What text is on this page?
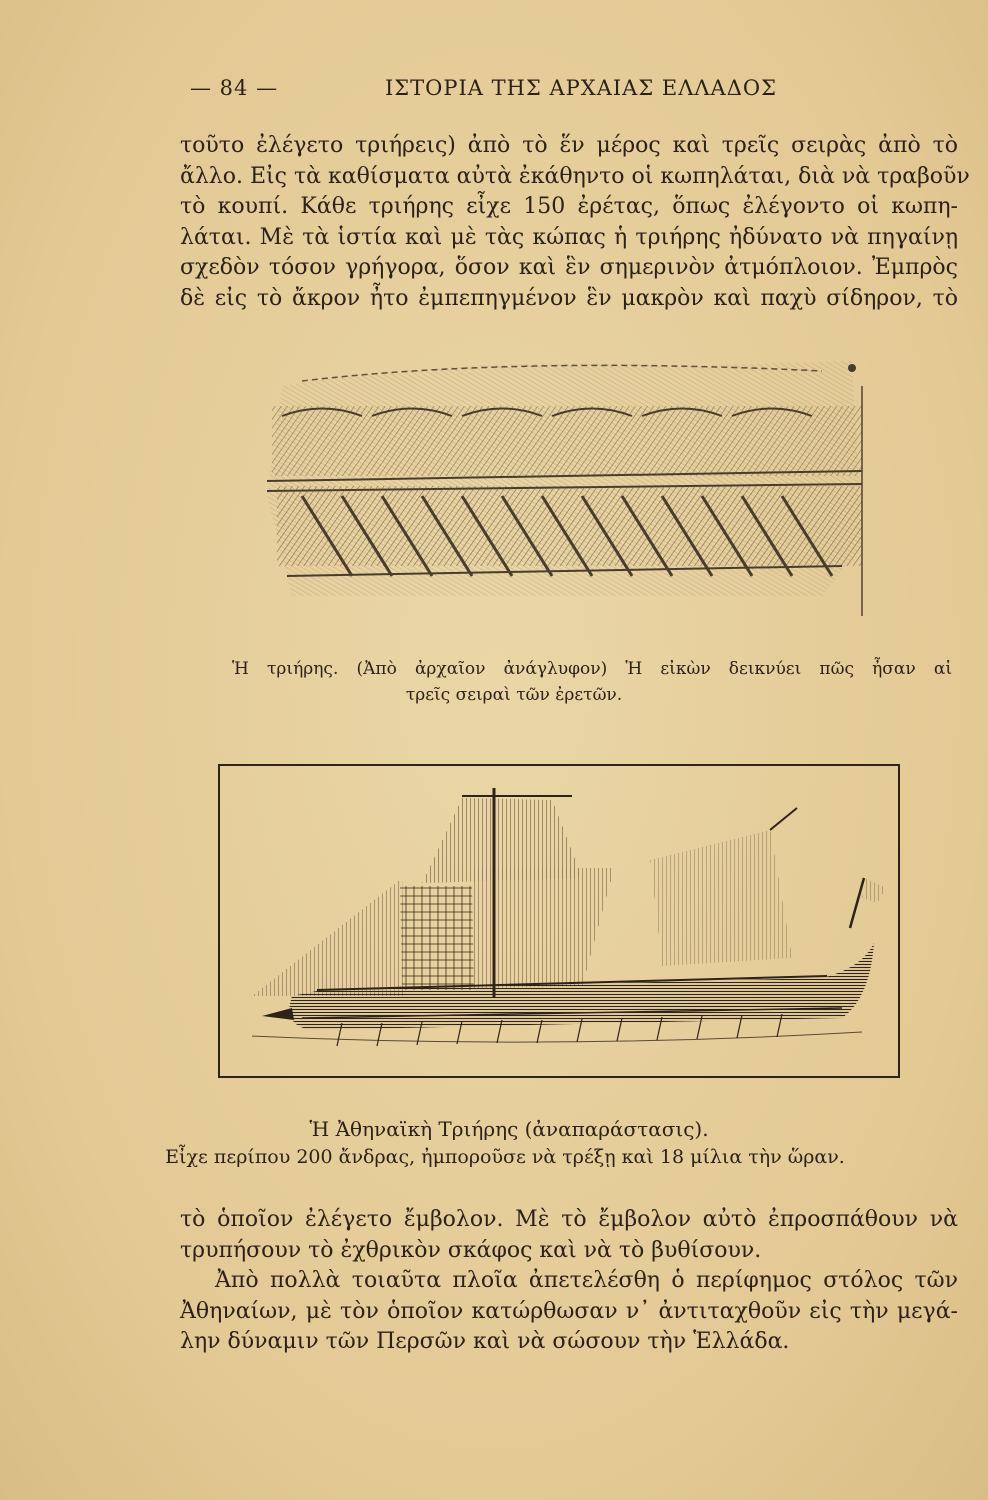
— 84 —	ΙΣΤΟΡΙΑ ΤΗΣ ΑΡΧΑΙΑΣ ΕΛΛΑΔΟΣ
τοῦτο ἐλέγετο τριήρεις) ἀπὸ τὸ ἕν μέρος καὶ τρεῖς σειρὰς ἀπὸ τὸ
ἄλλο. Εἰς τὰ καθίσματα αὐτὰ ἐκάθηντο οἱ κωπηλάται, διὰ νὰ τραβοῦν
τὸ κουπί. Κάθε τριήρης εἶχε 150 ἐρέτας, ὅπως ἐλέγοντο οἱ κωπη-
λάται. Μὲ τὰ ἱστία καὶ μὲ τὰς κώπας ἡ τριήρης ἠδύνατο νὰ πηγαίνῃ
σχεδὸν τόσον γρήγορα, ὅσον καὶ ἓν σημερινὸν ἀτμόπλοιον. Ἐμπρὸς
δὲ εἰς τὸ ἄκρον ἦτο ἐμπεπηγμένον ἓν μακρὸν καὶ παχὺ σίδηρον, τὸ
Ἡ τριήρης. (Ἀπὸ ἀρχαῖον ἀνάγλυφον) Ἡ εἰκὼν δεικνύει πῶς ἦσαν αἱ
τρεῖς σειραὶ τῶν ἐρετῶν.
Ἡ Ἀθηναϊκὴ Τριήρης (ἀναπαράστασις).
Εἶχε περίπου 200 ἄνδρας, ἠμποροῦσε νὰ τρέξῃ καὶ 18 μίλια τὴν ὥραν.
τὸ ὁποῖον ἐλέγετο ἔμβολον. Μὲ τὸ ἔμβολον αὐτὸ ἐπροσπάθουν νὰ
τρυπήσουν τὸ ἐχθρικὸν σκάφος καὶ νὰ τὸ βυθίσουν.
Ἀπὸ πολλὰ τοιαῦτα πλοῖα ἀπετελέσθη ὁ περίφημος στόλος τῶν
Ἀθηναίων, μὲ τὸν ὁποῖον κατώρθωσαν ν᾽ ἀντιταχθοῦν εἰς τὴν μεγά-
λην δύναμιν τῶν Περσῶν καὶ νὰ σώσουν τὴν Ἑλλάδα.
